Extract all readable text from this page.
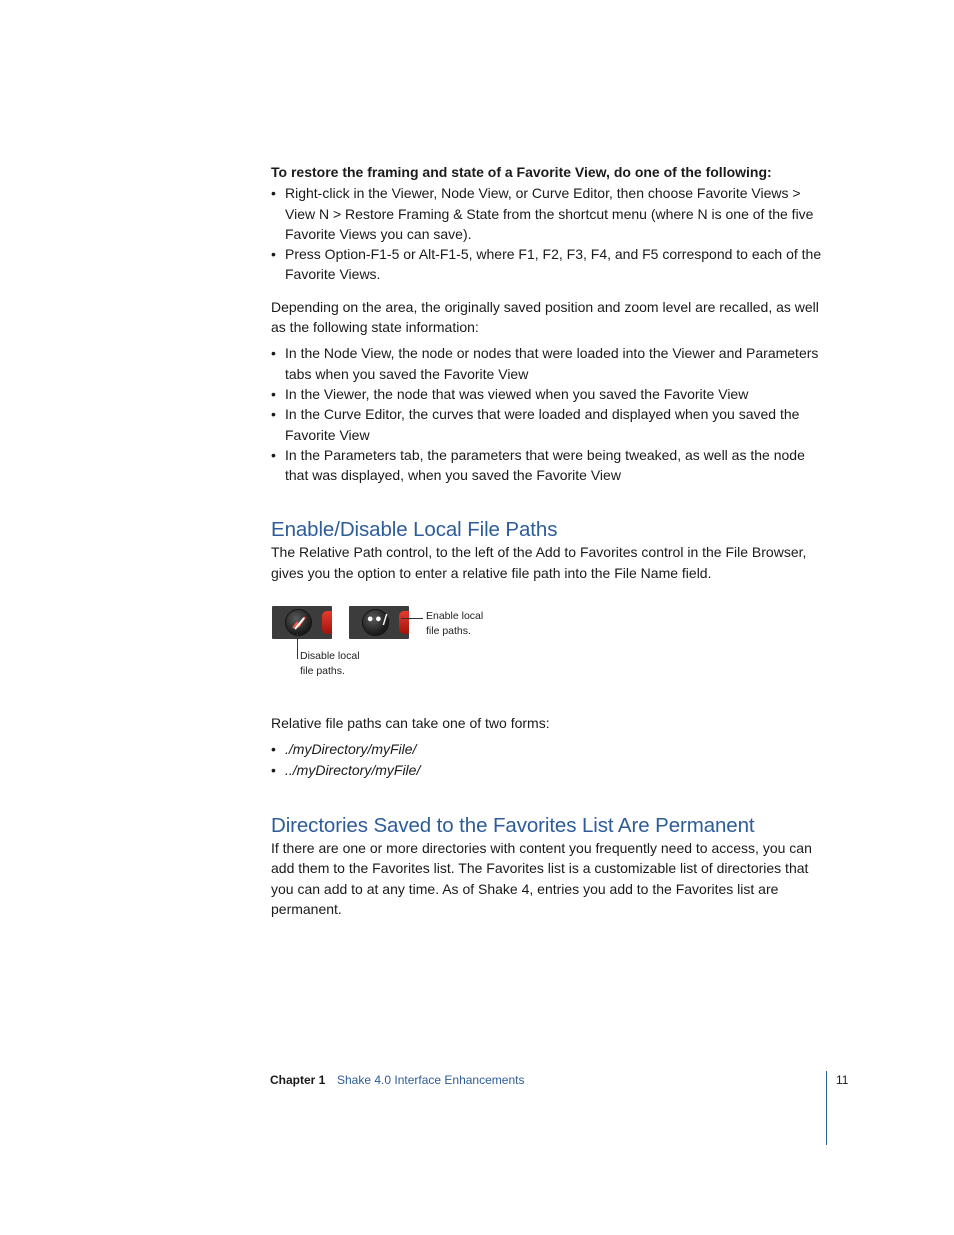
To restore the framing and state of a Favorite View, do one of the following:

• Right-click in the Viewer, Node View, or Curve Editor, then choose Favorite Views > View N > Restore Framing & State from the shortcut menu (where N is one of the five Favorite Views you can save).
• Press Option-F1-5 or Alt-F1-5, where F1, F2, F3, F4, and F5 correspond to each of the Favorite Views.

Depending on the area, the originally saved position and zoom level are recalled, as well as the following state information:

• In the Node View, the node or nodes that were loaded into the Viewer and Parameters tabs when you saved the Favorite View
• In the Viewer, the node that was viewed when you saved the Favorite View
• In the Curve Editor, the curves that were loaded and displayed when you saved the Favorite View
• In the Parameters tab, the parameters that were being tweaked, as well as the node that was displayed, when you saved the Favorite View
Enable/Disable Local File Paths

The Relative Path control, to the left of the Add to Favorites control in the File Browser, gives you the option to enter a relative file path into the File Name field.

••/	Enable local
file paths.
Disable local
file paths.

Relative file paths can take one of two forms:

• ./myDirectory/myFile/
• ../myDirectory/myFile/
Directories Saved to the Favorites List Are Permanent

If there are one or more directories with content you frequently need to access, you can add them to the Favorites list. The Favorites list is a customizable list of directories that you can add to at any time. As of Shake 4, entries you add to the Favorites list are permanent.

Chapter 1 Shake 4.0 Interface Enhancements	11
